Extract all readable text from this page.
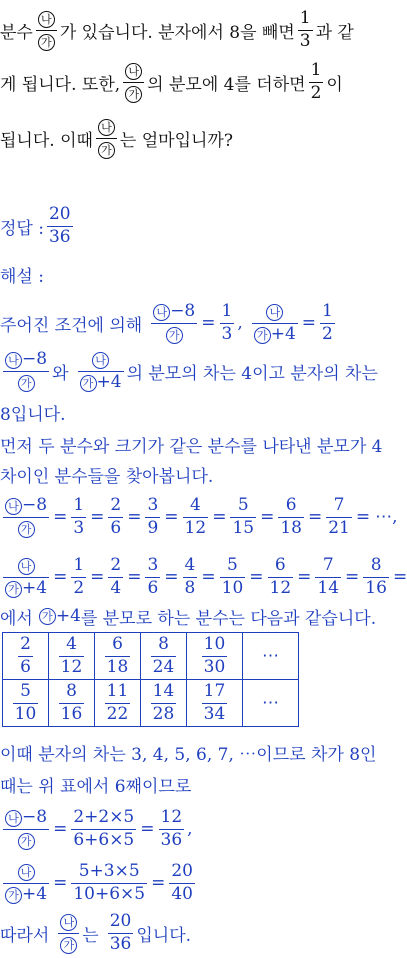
분수 $\frac{\text{나}}{\text{가}}$ 가 있습니다. 분자에서 8을 빼면 $\frac{1}{3}$ 과 같
게 됩니다. 또한, $\frac{\text{나}}{\text{가}}$ 의 분모에 4를 더하면 $\frac{1}{2}$ 이
됩니다. 이때 $\frac{\text{나}}{\text{가}}$ 는 얼마입니까?
정답 : $\frac{20}{36}$
해설 :
주어진 조건에 의해 $\frac{\text{나 −8}}{\text{가}} = \frac{1}{3}$ , $\frac{\text{나}}{\text{가 +4}} = \frac{1}{2}$
$\frac{\text{나 −8}}{\text{가}}$ 와 $\frac{\text{나}}{\text{가 +4}}$ 의 분모의 차는 4이고 분자의 차는
8입니다.
먼저 두 분수와 크기가 같은 분수를 나타낸 분모가 4
차이인 분수들을 찾아봅니다.
$\frac{\text{나 −8}}{\text{가}} = \frac{1}{3} = \frac{2}{6} = \frac{3}{9} = \frac{4}{12} = \frac{5}{15} = \frac{6}{18} = \frac{7}{21}$ = ⋯,
$\frac{\text{나}}{\text{가 +4}} = \frac{1}{2} = \frac{2}{4} = \frac{3}{6} = \frac{4}{8} = \frac{5}{10} = \frac{6}{12} = \frac{7}{14} = \frac{8}{16}$ =
에서 가 +4 를 분모로 하는 분수는 다음과 같습니다.
$\frac{2}{6}$	$\frac{4}{12}$	$\frac{6}{18}$	$\frac{8}{24}$	$\frac{10}{30}$	⋯

$\frac{5}{10}$	$\frac{8}{16}$	$\frac{11}{22}$	$\frac{14}{28}$	$\frac{17}{34}$	⋯
이때 분자의 차는 3, 4, 5, 6, 7, ⋯이므로 차가 8인
때는 위 표에서 6째이므로
$\frac{\text{나 −8}}{\text{가}} = \frac{2+2\times 5}{6+6\times 5} = \frac{12}{36}$ ,
$\frac{\text{나}}{\text{가 +4}} = \frac{5+3\times 5}{10+6\times 5} = \frac{20}{40}$
따라서 $\frac{\text{나}}{\text{가}}$ 는 $\frac{20}{36}$ 입니다.
